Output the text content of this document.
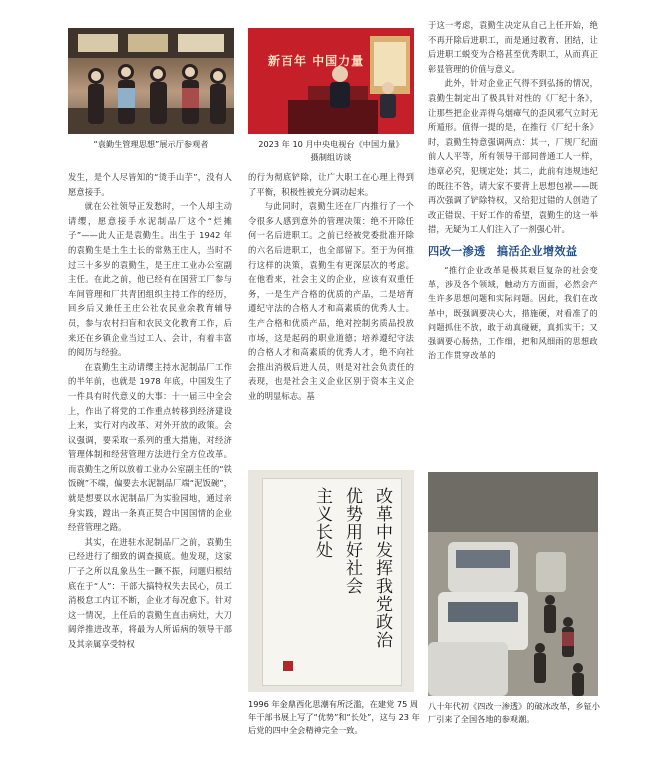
“袁勤生管理思想”展示厅参观者
新百年 中国力量
2023 年 10 月中央电视台《中国力量》
摄制组访谈

发生，是个人尽皆知的“烫手山芋”，没有人愿意接手。

就在公社领导正发愁时，一个人却主动请缨，愿意接手水泥制品厂这个“烂摊子”——此人正是袁勤生。出生于 1942 年的袁勤生是土生土长的常熟王庄人，当时不过三十多岁的袁勤生，是王庄工业办公室副主任。在此之前，他已经有在国营工厂参与车间管理和厂共青团组织主持工作的经历，回乡后又兼任王庄公社农民业余教育辅导员，参与农村扫盲和农民文化教育工作，后来还在乡镇企业当过工人、会计，有着丰富的阅历与经验。

在袁勤生主动请缨主持水泥制品厂工作的半年前，也就是 1978 年底，中国发生了一件具有时代意义的大事：十一届三中全会上，作出了将党的工作重点转移到经济建设上来，实行对内改革、对外开放的政策。会议强调，要采取一系列的重大措施，对经济管理体制和经营管理方法进行全方位改革。而袁勤生之所以放着工业办公室副主任的“铁饭碗”不端，偏要去水泥制品厂端“泥饭碗”，就是想要以水泥制品厂为实验园地，通过亲身实践，蹚出一条真正契合中国国情的企业经营管理之路。

其实，在进驻水泥制品厂之前，袁勤生已经进行了细致的调查摸底。他发现，这家厂子之所以乱象丛生一蹶不振，问题归根结底在于“人”：干部大搞特权失去民心，员工消极怠工内讧不断，企业才每况愈下。针对这一情况，上任后的袁勤生直击病灶，大刀阔斧推进改革，将最为人所诟病的领导干部及其亲属享受特权

的行为彻底铲除，让广大职工在心理上得到了平衡，积极性被充分调动起来。

与此同时，袁勤生还在厂内推行了一个令很多人感到意外的管理决策：绝不开除任何一名后进职工。之前已经被党委批准开除的六名后进职工，也全部留下。至于为何推行这样的决策，袁勤生有更深层次的考虑。在他看来，社会主义的企业，应该有双重任务，一是生产合格的优质的产品，二是培育遵纪守法的合格人才和高素质的优秀人士。生产合格和优质产品，绝对控制劣质品投放市场，这是起码的职业道德；培养遵纪守法的合格人才和高素质的优秀人才，绝不向社会推出消极后进人员，则是对社会负责任的表现，也是社会主义企业区别于资本主义企业的明显标志。基

改革中发挥我党政治
优势用好社会
主义长处
1996 年金鼎西化思潮有所泛滥，在建党 75 周年干部书展上写了“优势”和“长处”，这与 23 年后党的四中全会精神完全一致。

于这一考虑，袁勤生决定从自己上任开始，绝不再开除后进职工，而是通过教育、团结，让后进职工蜕变为合格甚至优秀职工，从而真正彰显管理的价值与意义。

此外，针对企业正气得不到弘扬的情况，袁勤生制定出了极具针对性的《厂纪十条》，让那些把企业弄得乌烟瘴气的歪风邪气立时无所遁形。值得一提的是，在推行《厂纪十条》时，袁勤生特意强调两点：其一，厂规厂纪面前人人平等，所有领导干部同普通工人一样，违章必究，犯规定处；其二，此前有违规违纪的既往不咎，请大家不要背上思想包袱——既再次强调了铲除特权，又给犯过错的人创造了改正错误、干好工作的希望，袁勤生的这一举措，无疑为工人们注入了一剂强心针。

四改一渗透　搞活企业增效益

“推行企业改革是极其艰巨复杂的社会变革，涉及各个领域，触动方方面面，必然会产生许多思想问题和实际问题。因此，我们在改革中，既强调要决心大，措施硬，对看准了的问题抓住不放，敢于动真碰硬，真抓实干；又强调要心肠热，工作细，把和风细雨的思想政治工作贯穿改革的

八十年代初《四改一渗透》的破冰改革，乡钲小厂引来了全国各地的参观潮。
